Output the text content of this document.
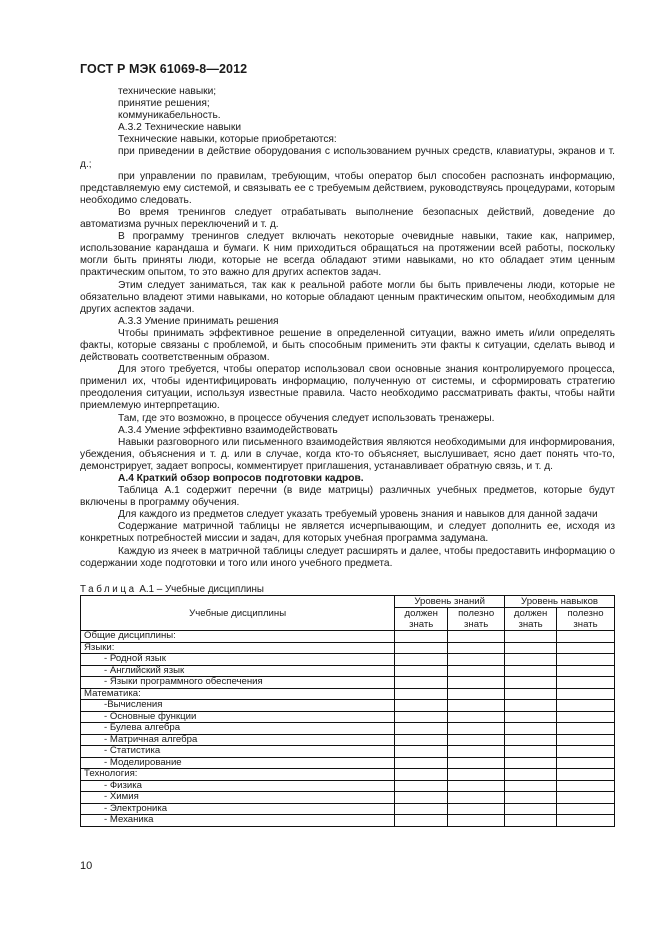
ГОСТ Р МЭК 61069-8—2012

технические навыки;

принятие решения;

коммуникабельность.

А.3.2 Технические навыки

Технические навыки, которые приобретаются:

при приведении в действие оборудования с использованием ручных средств, клавиатуры, экранов и т. д.;

при управлении по правилам, требующим, чтобы оператор был способен распознать информацию, представляемую ему системой, и связывать ее с требуемым действием, руководствуясь процедурами, которым необходимо следовать.

Во время тренингов следует отрабатывать выполнение безопасных действий, доведение до автоматизма ручных переключений и т. д.

В программу тренингов следует включать некоторые очевидные навыки, такие как, например, использование карандаша и бумаги. К ним приходиться обращаться на протяжении всей работы, поскольку могли быть приняты люди, которые не всегда обладают этими навыками, но кто обладает этим ценным практическим опытом, то это важно для других аспектов задач.

Этим следует заниматься, так как к реальной работе могли бы быть привлечены люди, которые не обязательно владеют этими навыками, но которые обладают ценным практическим опытом, необходимым для других аспектов задачи.

А.3.3 Умение принимать решения

Чтобы принимать эффективное решение в определенной ситуации, важно иметь и/или определять факты, которые связаны с проблемой, и быть способным применить эти факты к ситуации, сделать вывод и действовать соответственным образом.

Для этого требуется, чтобы оператор использовал свои основные знания контролируемого процесса, применил их, чтобы идентифицировать информацию, полученную от системы, и сформировать стратегию преодоления ситуации, используя известные правила. Часто необходимо рассматривать факты, чтобы найти приемлемую интерпретацию.

Там, где это возможно, в процессе обучения следует использовать тренажеры.

А.3.4 Умение эффективно взаимодействовать

Навыки разговорного или письменного взаимодействия являются необходимыми для информирования, убеждения, объяснения и т. д. или в случае, когда кто-то объясняет, выслушивает, ясно дает понять что-то, демонстрирует, задает вопросы, комментирует приглашения, устанавливает обратную связь, и т. д.

А.4 Краткий обзор вопросов подготовки кадров.

Таблица А.1 содержит перечни (в виде матрицы) различных учебных предметов, которые будут включены в программу обучения.

Для каждого из предметов следует указать требуемый уровень знания и навыков для данной задачи

Содержание матричной таблицы не является исчерпывающим, и следует дополнить ее, исходя из конкретных потребностей миссии и задач, для которых учебная программа задумана.

Каждую из ячеек в матричной таблицы следует расширять и далее, чтобы предоставить информацию о содержании ходе подготовки и того или иного учебного предмета.

Таблица А.1 – Учебные дисциплины
Учебные дисциплины	Уровень знаний		Уровень навыков	
	должен знать	полезно знать	должен знать	полезно знать
Общие дисциплины:				
Языки:				
- Родной язык				
- Английский язык				
- Языки программного обеспечения				
Математика:				
-Вычисления				
- Основные функции				
- Булева алгебра				
- Матричная алгебра				
- Статистика				
- Моделирование				
Технология:				
- Физика				
- Химия				
- Электроника				
- Механика				
10
